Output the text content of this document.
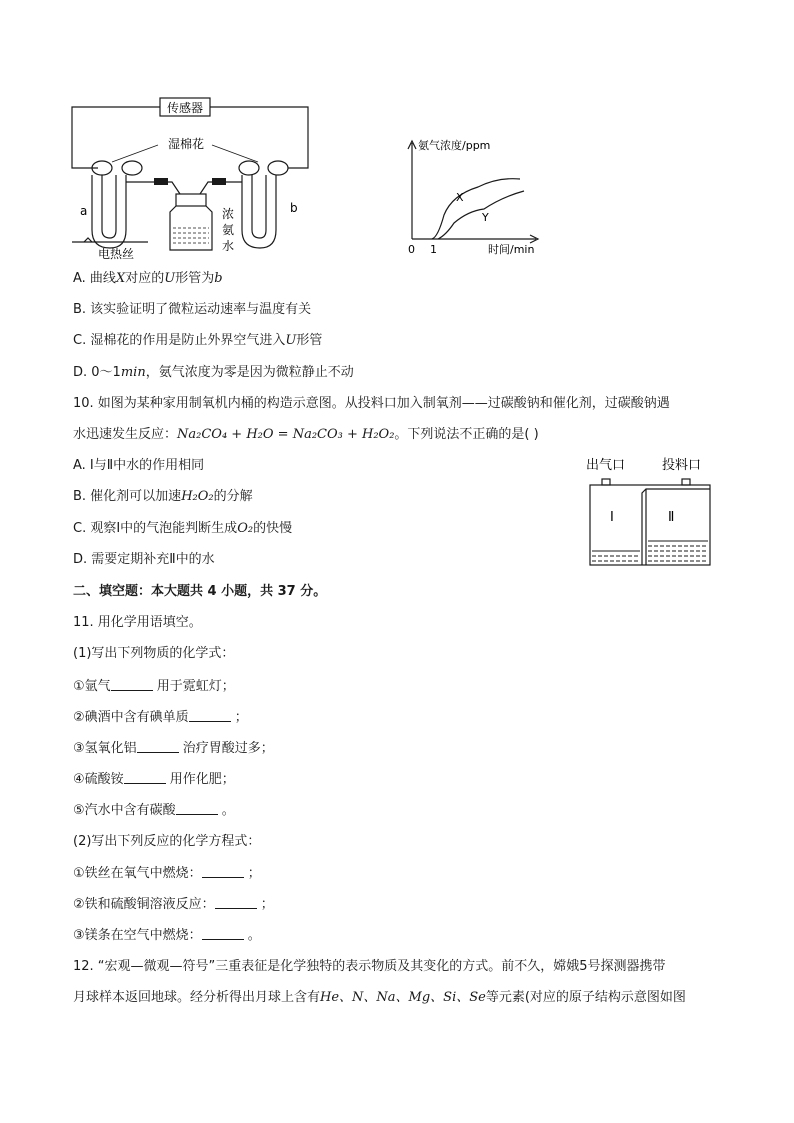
传感器
湿棉花
a	b
电热丝
浓氨水
氨气浓度/ppm
时间/min
0 1
X
Y
A. 曲线X对应的U形管为b
B. 该实验证明了微粒运动速率与温度有关
C. 湿棉花的作用是防止外界空气进入U形管
D. 0～1min，氨气浓度为零是因为微粒静止不动
10. 如图为某种家用制氧机内桶的构造示意图。从投料口加入制氧剂——过碳酸钠和催化剂，过碳酸钠遇
水迅速发生反应：Na₂CO₄ + H₂O = Na₂CO₃ + H₂O₂。下列说法不正确的是( )
A. Ⅰ与Ⅱ中水的作用相同
B. 催化剂可以加速H₂O₂的分解
C. 观察Ⅰ中的气泡能判断生成O₂的快慢
D. 需要定期补充Ⅱ中的水
出气口	投料口
Ⅰ	Ⅱ
二、填空题：本大题共 4 小题，共 37 分。
11. 用化学用语填空。
(1)写出下列物质的化学式：
①氩气	用于霓虹灯；
②碘酒中含有碘单质	；
③氢氧化铝	治疗胃酸过多；
④硫酸铵	用作化肥；
⑤汽水中含有碳酸	。
(2)写出下列反应的化学方程式：
①铁丝在氧气中燃烧：	；
②铁和硫酸铜溶液反应：	；
③镁条在空气中燃烧：	。
12. “宏观—微观—符号”三重表征是化学独特的表示物质及其变化的方式。前不久，嫦娥5号探测器携带
月球样本返回地球。经分析得出月球上含有He、N、Na、Mg、Si、Se等元素(对应的原子结构示意图如图
